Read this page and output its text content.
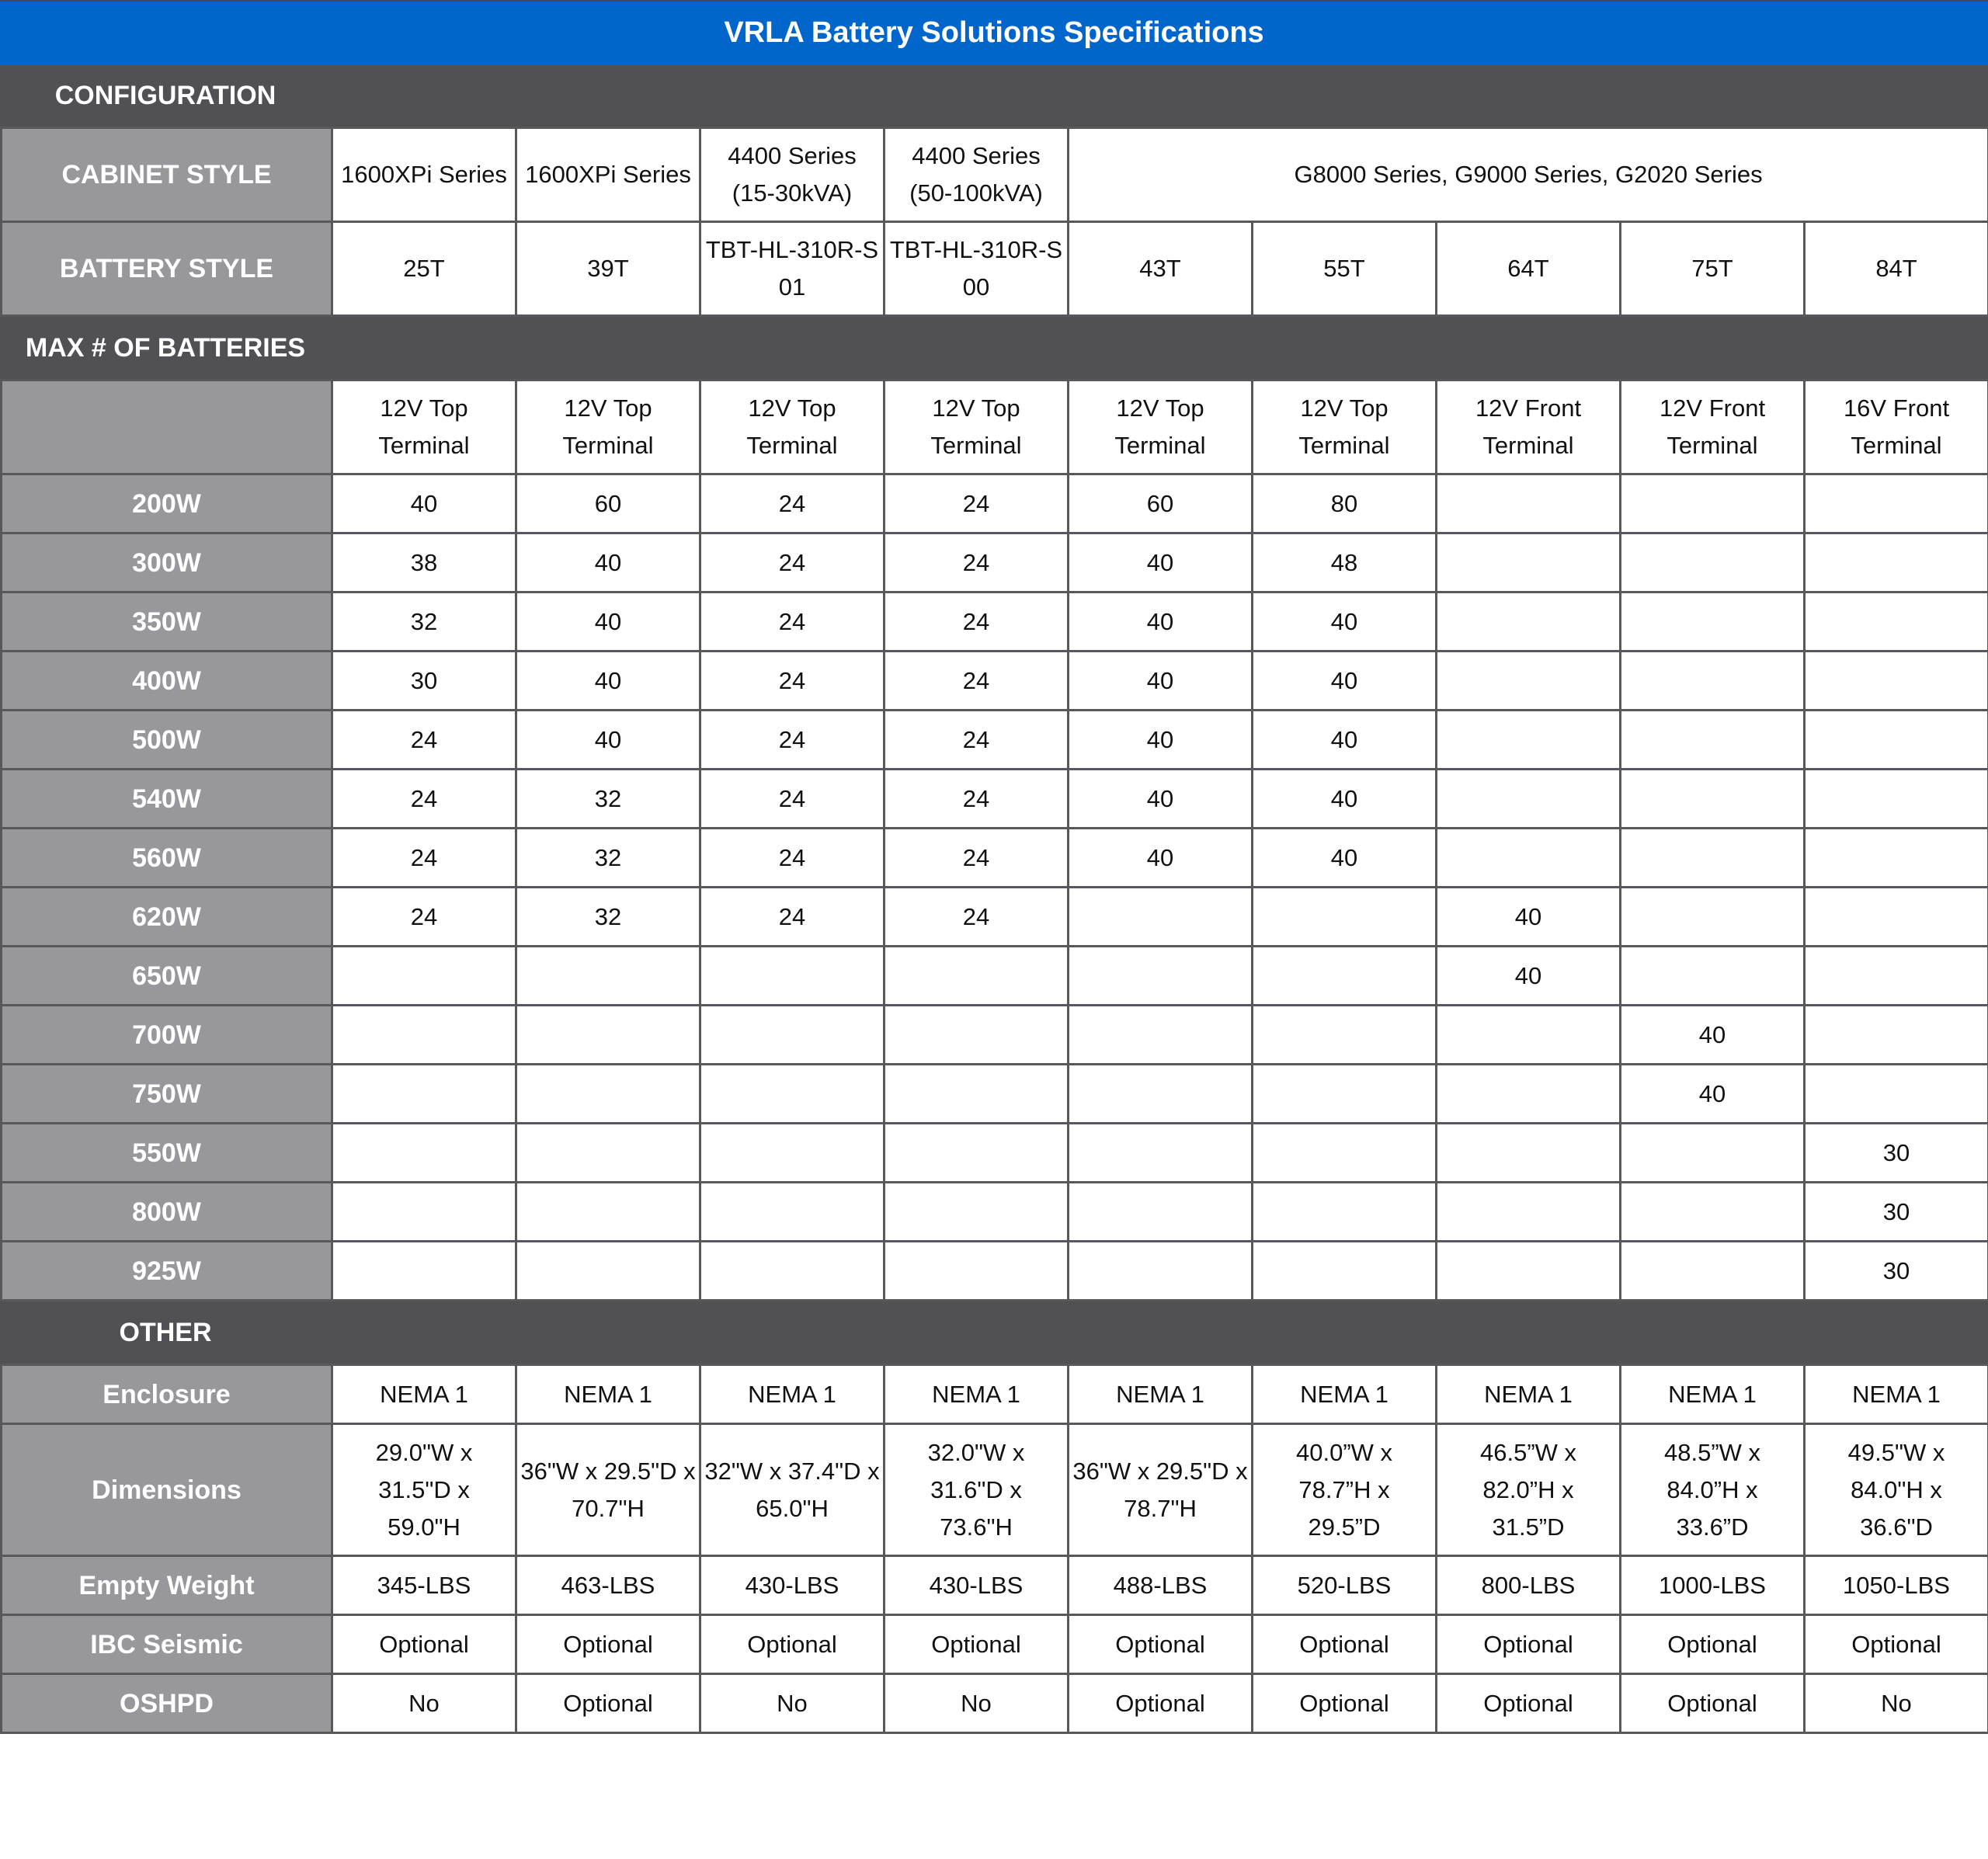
VRLA Battery Solutions Specifications
CONFIGURATION
CABINET STYLE	1600XPi Series	1600XPi Series	4400 Series (15-30kVA)	4400 Series (50-100kVA)	G8000 Series, G9000 Series, G2020 Series				
BATTERY STYLE	25T	39T	TBT-HL-310R-S01	TBT-HL-310R-S00	43T	55T	64T	75T	84T
MAX # OF BATTERIES
	12V Top Terminal	12V Top Terminal	12V Top Terminal	12V Top Terminal	12V Top Terminal	12V Top Terminal	12V Front Terminal	12V Front Terminal	16V Front Terminal
200W	40	60	24	24	60	80			
300W	38	40	24	24	40	48			
350W	32	40	24	24	40	40			
400W	30	40	24	24	40	40			
500W	24	40	24	24	40	40			
540W	24	32	24	24	40	40			
560W	24	32	24	24	40	40			
620W	24	32	24	24			40		
650W							40		
700W								40	
750W								40	
550W									30
800W									30
925W									30
OTHER
Enclosure	NEMA 1	NEMA 1	NEMA 1	NEMA 1	NEMA 1	NEMA 1	NEMA 1	NEMA 1	NEMA 1
Dimensions	29.0"W x 31.5"D x 59.0"H	36"W x 29.5"D x 70.7"H	32"W x 37.4"D x 65.0"H	32.0"W x 31.6"D x 73.6"H	36"W x 29.5"D x 78.7"H	40.0”W x 78.7”H x 29.5”D	46.5”W x 82.0”H x 31.5”D	48.5”W x 84.0”H x 33.6”D	49.5"W x 84.0"H x 36.6"D
Empty Weight	345-LBS	463-LBS	430-LBS	430-LBS	488-LBS	520-LBS	800-LBS	1000-LBS	1050-LBS
IBC Seismic	Optional	Optional	Optional	Optional	Optional	Optional	Optional	Optional	Optional
OSHPD	No	Optional	No	No	Optional	Optional	Optional	Optional	No
